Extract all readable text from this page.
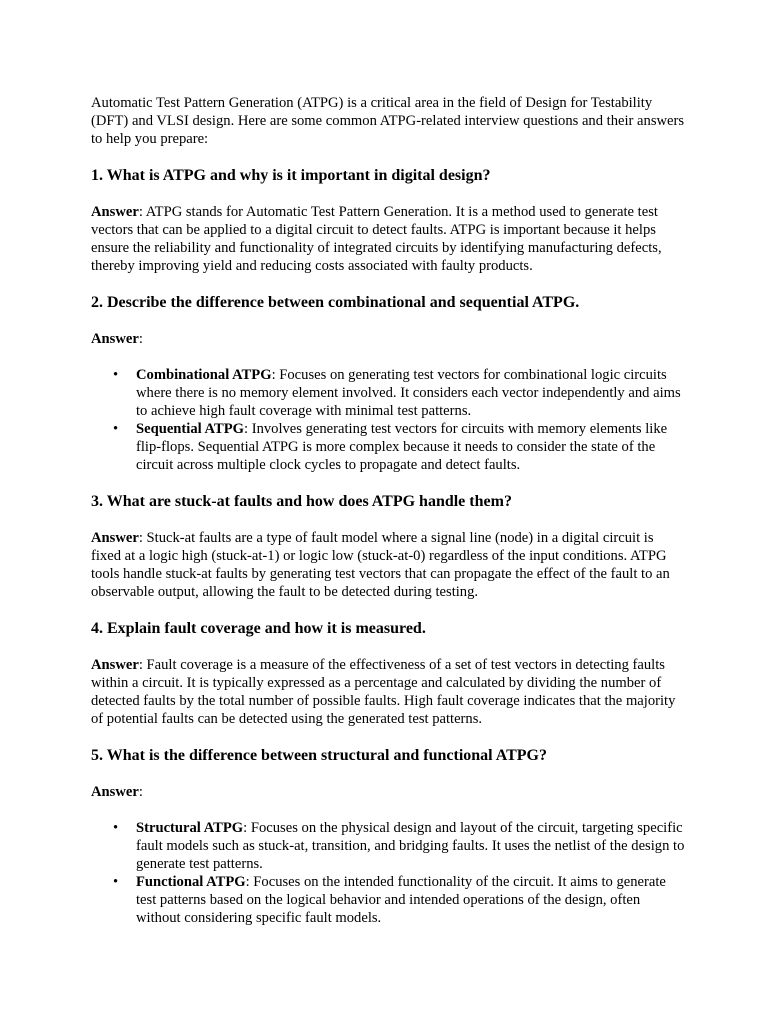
Automatic Test Pattern Generation (ATPG) is a critical area in the field of Design for Testability (DFT) and VLSI design. Here are some common ATPG-related interview questions and their answers to help you prepare:

1. What is ATPG and why is it important in digital design?

Answer: ATPG stands for Automatic Test Pattern Generation. It is a method used to generate test vectors that can be applied to a digital circuit to detect faults. ATPG is important because it helps ensure the reliability and functionality of integrated circuits by identifying manufacturing defects, thereby improving yield and reducing costs associated with faulty products.

2. Describe the difference between combinational and sequential ATPG.

Answer:

• Combinational ATPG: Focuses on generating test vectors for combinational logic circuits where there is no memory element involved. It considers each vector independently and aims to achieve high fault coverage with minimal test patterns.
• Sequential ATPG: Involves generating test vectors for circuits with memory elements like flip-flops. Sequential ATPG is more complex because it needs to consider the state of the circuit across multiple clock cycles to propagate and detect faults.
3. What are stuck-at faults and how does ATPG handle them?

Answer: Stuck-at faults are a type of fault model where a signal line (node) in a digital circuit is fixed at a logic high (stuck-at-1) or logic low (stuck-at-0) regardless of the input conditions. ATPG tools handle stuck-at faults by generating test vectors that can propagate the effect of the fault to an observable output, allowing the fault to be detected during testing.

4. Explain fault coverage and how it is measured.

Answer: Fault coverage is a measure of the effectiveness of a set of test vectors in detecting faults within a circuit. It is typically expressed as a percentage and calculated by dividing the number of detected faults by the total number of possible faults. High fault coverage indicates that the majority of potential faults can be detected using the generated test patterns.

5. What is the difference between structural and functional ATPG?

Answer:

• Structural ATPG: Focuses on the physical design and layout of the circuit, targeting specific fault models such as stuck-at, transition, and bridging faults. It uses the netlist of the design to generate test patterns.
• Functional ATPG: Focuses on the intended functionality of the circuit. It aims to generate test patterns based on the logical behavior and intended operations of the design, often without considering specific fault models.
